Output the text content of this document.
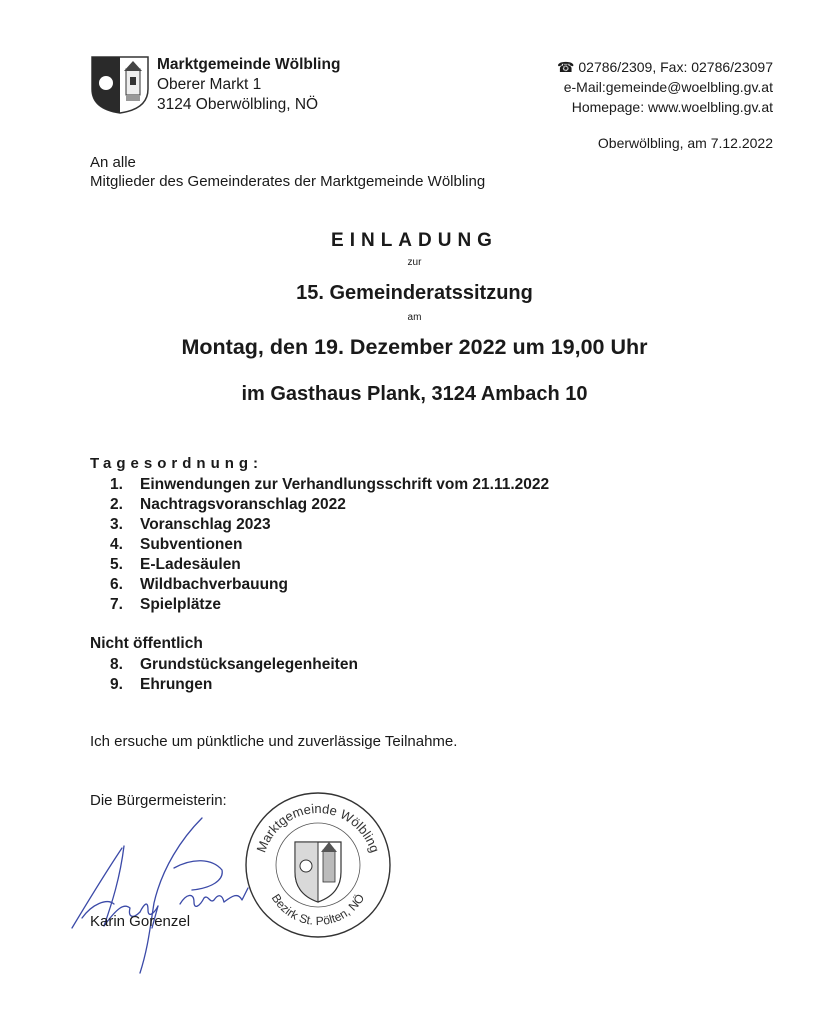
Marktgemeinde Wölbling
Oberer Markt 1
3124 Oberwölbling, NÖ
☎ 02786/2309, Fax: 02786/23097
e-Mail:gemeinde@woelbling.gv.at
Homepage: www.woelbling.gv.at
Oberwölbling, am 7.12.2022
An alle
Mitglieder des Gemeinderates der Marktgemeinde Wölbling
EINLADUNG
zur
15. Gemeinderatssitzung
am
Montag, den 19. Dezember 2022 um 19,00 Uhr
im Gasthaus Plank, 3124 Ambach 10
Tagesordnung:
1.	Einwendungen zur Verhandlungsschrift vom 21.11.2022
2.	Nachtragsvoranschlag 2022
3.	Voranschlag 2023
4.	Subventionen
5.	E-Ladesäulen
6.	Wildbachverbauung
7.	Spielplätze
Nicht öffentlich
8.	Grundstücksangelegenheiten
9.	Ehrungen
Ich ersuche um pünktliche und zuverlässige Teilnahme.
Die Bürgermeisterin:
Karin Gorenzel
Marktgemeinde Wölbling
Bezirk St. Pölten, NÖ
